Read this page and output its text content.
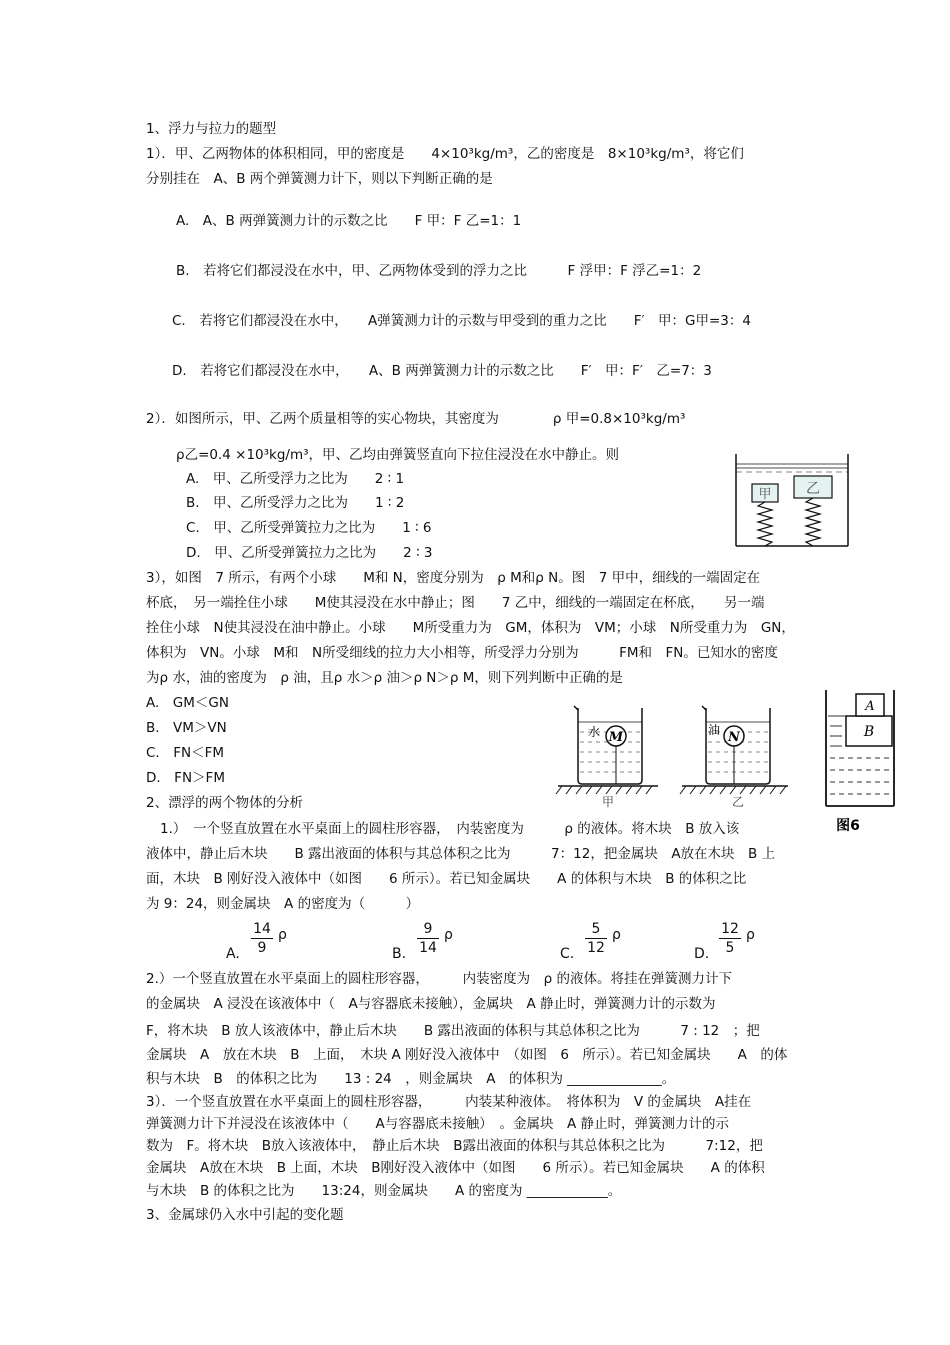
1、浮力与拉力的题型
1）．甲、乙两物体的体积相同，甲的密度是　　4×10³kg/m³，乙的密度是　8×10³kg/m³，将它们
分别挂在　A、B 两个弹簧测力计下，则以下判断正确的是
A.　A、B 两弹簧测力计的示数之比　　F 甲：F 乙=1：1
B.　若将它们都浸没在水中，甲、乙两物体受到的浮力之比　　　F 浮甲：F 浮乙=1：2
C.　若将它们都浸没在水中，　　A弹簧测力计的示数与甲受到的重力之比　　F′　甲：G甲=3：4
D.　若将它们都浸没在水中，　　A、B 两弹簧测力计的示数之比　　F′　甲：F′　乙=7：3
2）．如图所示，甲、乙两个质量相等的实心物块，其密度为　　　　ρ 甲=0.8×10³kg/m³
ρ乙=0.4 ×10³kg/m³，甲、乙均由弹簧竖直向下拉住浸没在水中静止。则
A.　甲、乙所受浮力之比为　　2 ∶ 1
B.　甲、乙所受浮力之比为　　1 ∶ 2
C.　甲、乙所受弹簧拉力之比为　　1 ∶ 6
D.　甲、乙所受弹簧拉力之比为　　2 ∶ 3
甲 乙
3），如图　7 所示，有两个小球　　M和 N，密度分别为　ρ M和ρ N。图　7 甲中，细线的一端固定在
杯底，　另一端拴住小球　　M使其浸没在水中静止；图　　7 乙中，细线的一端固定在杯底，　　另一端
拴住小球　N使其浸没在油中静止。小球　　M所受重力为　GM，体积为　VM；小球　N所受重力为　GN，
体积为　VN。小球　M和　N所受细线的拉力大小相等，所受浮力分别为　　　FM和　FN。已知水的密度
为ρ 水，油的密度为　ρ 油，且ρ 水＞ρ 油＞ρ N＞ρ M，则下列判断中正确的是
A.　GM＜GN
B.　VM＞VN
C.　FN＜FM
D.　FN＞FM
M
水
甲
N
油
乙
A
B
图6
2、漂浮的两个物体的分析
1.）　一个竖直放置在水平桌面上的圆柱形容器，　内装密度为　　　ρ 的液体。将木块　B 放入该
液体中，静止后木块　　B 露出液面的体积与其总体积之比为　　　7：12，把金属块　A放在木块　B 上
面，木块　B 刚好没入液体中（如图　　6 所示）。若已知金属块　　A 的体积与木块　B 的体积之比
为 9：24，则金属块　A 的密度为（　　　）
A.
14
9
ρ
B.
9
14
ρ
C.
5
12
ρ
D.
12
5
ρ
2.）一个竖直放置在水平桌面上的圆柱形容器，　　　内装密度为　ρ 的液体。将挂在弹簧测力计下
的金属块　A 浸没在该液体中（　A与容器底未接触），金属块　A 静止时，弹簧测力计的示数为
F，将木块　B 放人该液体中，静止后木块　　B 露出液面的体积与其总体积之比为　　　7 : 12　；把
金属块　A　放在木块　B　上面，　木块 A 刚好没入液体中　（如图　6　所示）。若已知金属块　　A　的体
积与木块　B　的体积之比为　　13 : 24　，则金属块　A　的体积为 ______________。
3）．一个竖直放置在水平桌面上的圆柱形容器，　　　内装某种液体。　将体积为　V 的金属块　A挂在
弹簧测力计下并浸没在该液体中（　　A与容器底未接触）　。金属块　A 静止时，弹簧测力计的示
数为　F。将木块　B放入该液体中，　静止后木块　B露出液面的体积与其总体积之比为　　　7:12，把
金属块　A放在木块　B 上面，木块　B刚好没入液体中（如图　　6 所示）。若已知金属块　　A 的体积
与木块　B 的体积之比为　　13:24，则金属块　　A 的密度为 ____________。
3、金属球仍入水中引起的变化题
